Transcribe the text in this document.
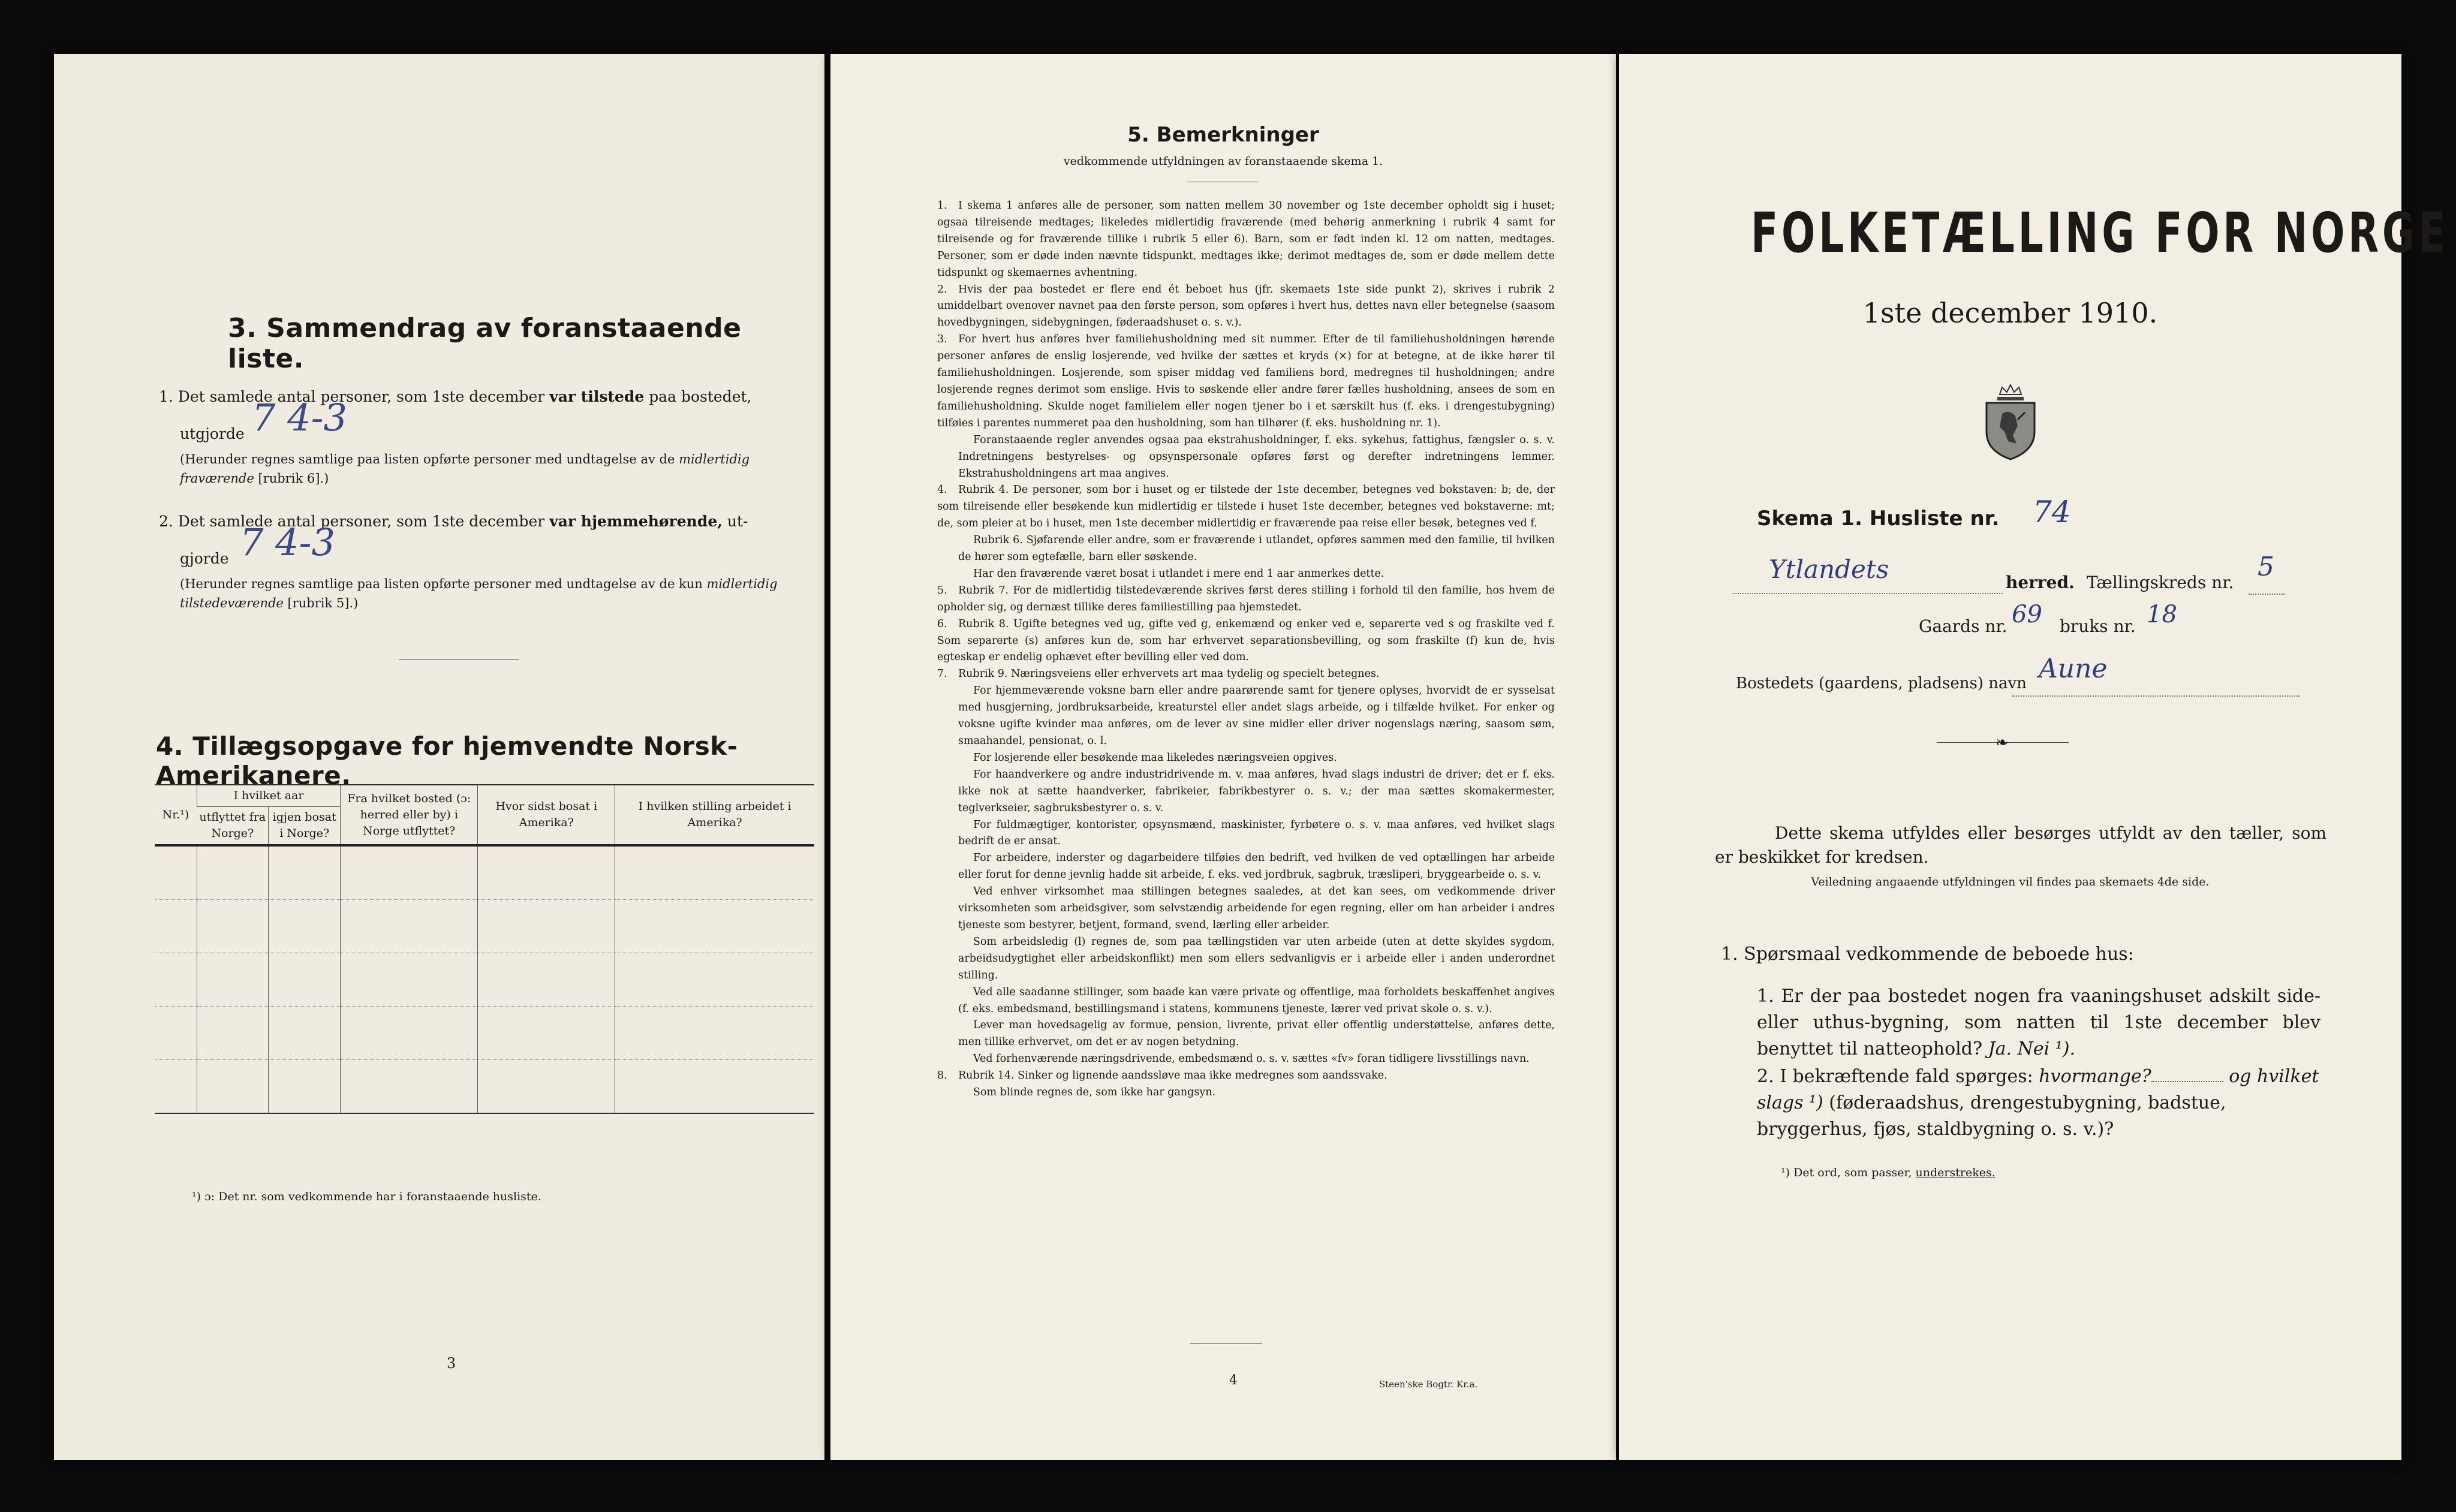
3. Sammendrag av foranstaaende liste.
1. Det samlede antal personer, som 1ste december var tilstede paa bostedet,
utgjorde 7 4-3
(Herunder regnes samtlige paa listen opførte personer med undtagelse av de midlertidig fraværende [rubrik 6].)
2. Det samlede antal personer, som 1ste december var hjemmehørende, ut-
gjorde 7 4-3
(Herunder regnes samtlige paa listen opførte personer med undtagelse av de kun midlertidig tilstedeværende [rubrik 5].)
4. Tillægsopgave for hjemvendte Norsk-Amerikanere.
Nr.¹)	I hvilket aar		Fra hvilket bosted (ɔ: herred eller by) i Norge utflyttet?	Hvor sidst bosat i Amerika?	I hvilken stilling arbeidet i Amerika?
	utflyttet fra Norge?	igjen bosat i Norge?			

¹) ɔ: Det nr. som vedkommende har i foranstaaende husliste.
3
5. Bemerkninger
vedkommende utfyldningen av foranstaaende skema 1.

1. I skema 1 anføres alle de personer, som natten mellem 30 november og 1ste december opholdt sig i huset; ogsaa tilreisende medtages; likeledes midlertidig fraværende (med behørig anmerkning i rubrik 4 samt for tilreisende og for fraværende tillike i rubrik 5 eller 6). Barn, som er født inden kl. 12 om natten, medtages. Personer, som er døde inden nævnte tidspunkt, medtages ikke; derimot medtages de, som er døde mellem dette tidspunkt og skemaernes avhentning.

2. Hvis der paa bostedet er flere end ét beboet hus (jfr. skemaets 1ste side punkt 2), skrives i rubrik 2 umiddelbart ovenover navnet paa den første person, som opføres i hvert hus, dettes navn eller betegnelse (saasom hovedbygningen, sidebygningen, føderaadshuset o. s. v.).

3. For hvert hus anføres hver familiehusholdning med sit nummer. Efter de til familiehusholdningen hørende personer anføres de enslig losjerende, ved hvilke der sættes et kryds (×) for at betegne, at de ikke hører til familiehusholdningen. Losjerende, som spiser middag ved familiens bord, medregnes til husholdningen; andre losjerende regnes derimot som enslige. Hvis to søskende eller andre fører fælles husholdning, ansees de som en familiehusholdning. Skulde noget familielem eller nogen tjener bo i et særskilt hus (f. eks. i drengestubygning) tilføies i parentes nummeret paa den husholdning, som han tilhører (f. eks. husholdning nr. 1).

Foranstaaende regler anvendes ogsaa paa ekstrahusholdninger, f. eks. sykehus, fattighus, fængsler o. s. v. Indretningens bestyrelses- og opsynspersonale opføres først og derefter indretningens lemmer. Ekstrahusholdningens art maa angives.

4. Rubrik 4. De personer, som bor i huset og er tilstede der 1ste december, betegnes ved bokstaven: b; de, der som tilreisende eller besøkende kun midlertidig er tilstede i huset 1ste december, betegnes ved bokstaverne: mt; de, som pleier at bo i huset, men 1ste december midlertidig er fraværende paa reise eller besøk, betegnes ved f.

Rubrik 6. Sjøfarende eller andre, som er fraværende i utlandet, opføres sammen med den familie, til hvilken de hører som egtefælle, barn eller søskende.

Har den fraværende været bosat i utlandet i mere end 1 aar anmerkes dette.

5. Rubrik 7. For de midlertidig tilstedeværende skrives først deres stilling i forhold til den familie, hos hvem de opholder sig, og dernæst tillike deres familiestilling paa hjemstedet.

6. Rubrik 8. Ugifte betegnes ved ug, gifte ved g, enkemænd og enker ved e, separerte ved s og fraskilte ved f. Som separerte (s) anføres kun de, som har erhvervet separationsbevilling, og som fraskilte (f) kun de, hvis egteskap er endelig ophævet efter bevilling eller ved dom.

7. Rubrik 9. Næringsveiens eller erhvervets art maa tydelig og specielt betegnes.

For hjemmeværende voksne barn eller andre paarørende samt for tjenere oplyses, hvorvidt de er sysselsat med husgjerning, jordbruksarbeide, kreaturstel eller andet slags arbeide, og i tilfælde hvilket. For enker og voksne ugifte kvinder maa anføres, om de lever av sine midler eller driver nogenslags næring, saasom søm, smaahandel, pensionat, o. l.

For losjerende eller besøkende maa likeledes næringsveien opgives.

For haandverkere og andre industridrivende m. v. maa anføres, hvad slags industri de driver; det er f. eks. ikke nok at sætte haandverker, fabrikeier, fabrikbestyrer o. s. v.; der maa sættes skomakermester, teglverkseier, sagbruksbestyrer o. s. v.

For fuldmægtiger, kontorister, opsynsmænd, maskinister, fyrbøtere o. s. v. maa anføres, ved hvilket slags bedrift de er ansat.

For arbeidere, inderster og dagarbeidere tilføies den bedrift, ved hvilken de ved optællingen har arbeide eller forut for denne jevnlig hadde sit arbeide, f. eks. ved jordbruk, sagbruk, træsliperi, bryggearbeide o. s. v.

Ved enhver virksomhet maa stillingen betegnes saaledes, at det kan sees, om vedkommende driver virksomheten som arbeidsgiver, som selvstændig arbeidende for egen regning, eller om han arbeider i andres tjeneste som bestyrer, betjent, formand, svend, lærling eller arbeider.

Som arbeidsledig (l) regnes de, som paa tællingstiden var uten arbeide (uten at dette skyldes sygdom, arbeidsudygtighet eller arbeidskonflikt) men som ellers sedvanligvis er i arbeide eller i anden underordnet stilling.

Ved alle saadanne stillinger, som baade kan være private og offentlige, maa forholdets beskaffenhet angives (f. eks. embedsmand, bestillingsmand i statens, kommunens tjeneste, lærer ved privat skole o. s. v.).

Lever man hovedsagelig av formue, pension, livrente, privat eller offentlig understøttelse, anføres dette, men tillike erhvervet, om det er av nogen betydning.

Ved forhenværende næringsdrivende, embedsmænd o. s. v. sættes «fv» foran tidligere livsstillings navn.

8. Rubrik 14. Sinker og lignende aandssløve maa ikke medregnes som aandssvake.

Som blinde regnes de, som ikke har gangsyn.

4	Steen'ske Bogtr. Kr.a.
FOLKETÆLLING FOR NORGE
1ste december 1910.
Skema 1. Husliste nr. 74
Ytlandets	herred. Tællingskreds nr.
5
Gaards nr. 69 bruks nr. 18
Bostedets (gaardens, pladsens) navn Aune
❧
Dette skema utfyldes eller besørges utfyldt av den tæller, som er beskikket for kredsen.
Veiledning angaaende utfyldningen vil findes paa skemaets 4de side.
1. Spørsmaal vedkommende de beboede hus:
1. Er der paa bostedet nogen fra vaaningshuset adskilt side- eller uthus-bygning, som natten til 1ste december blev benyttet til natteophold? Ja. Nei ¹).
2. I bekræftende fald spørges: hvormange?	og hvilket slags ¹) (føderaadshus, drengestubygning, badstue, bryggerhus, fjøs, staldbygning o. s. v.)?
¹) Det ord, som passer, understrekes.
